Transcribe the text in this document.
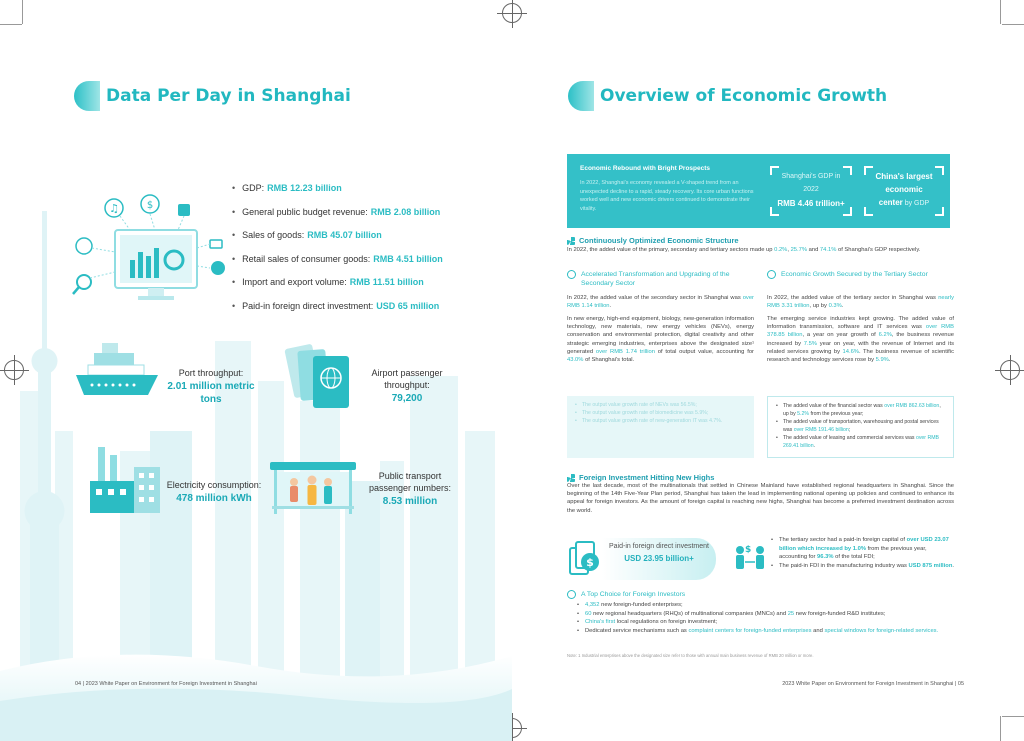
Data Per Day in Shanghai
♫	$
• GDP: RMB 12.23 billion
• General public budget revenue: RMB 2.08 billion
• Sales of goods: RMB 45.07 billion
• Retail sales of consumer goods: RMB 4.51 billion
• Import and export volume: RMB 11.51 billion
• Paid-in foreign direct investment: USD 65 million
Port throughput:
2.01 million metric tons
Airport passenger throughput:
79,200
Electricity consumption:
478 million kWh
Public transport passenger numbers:
8.53 million
04 | 2023 White Paper on Environment for Foreign Investment in Shanghai
Overview of Economic Growth
Economic Rebound with Bright Prospects
In 2022, Shanghai's economy revealed a V-shaped trend from an unexpected decline to a rapid, steady recovery. Its core urban functions worked well and new economic drivers continued to demonstrate their vitality.
Shanghai's GDP in
2022
RMB 4.46 trillion+
China's largest
economic
center by GDP
Continuously Optimized Economic Structure

In 2022, the added value of the primary, secondary and tertiary sectors made up 0.2%, 25.7% and 74.1% of Shanghai's GDP respectively.

Accelerated Transformation and Upgrading of the Secondary Sector

In 2022, the added value of the secondary sector in Shanghai was over RMB 1.14 trillion.

In new energy, high-end equipment, biology, new-generation information technology, new materials, new energy vehicles (NEVs), energy conservation and environmental protection, digital creativity and other strategic emerging industries, enterprises above the designated size¹ generated over RMB 1.74 trillion of total output value, accounting for 43.0% of Shanghai's total.

• The output value growth rate of NEVs was 56.5%;
• The output value growth rate of biomedicine was 5.9%;
• The output value growth rate of new-generation IT was 4.7%.
Economic Growth Secured by the Tertiary Sector

In 2022, the added value of the tertiary sector in Shanghai was nearly RMB 3.31 trillion, up by 0.3%.

The emerging service industries kept growing. The added value of information transmission, software and IT services was over RMB 378.85 billion, a year on year growth of 6.2%, the business revenue increased by 7.5% year on year, with the revenue of Internet and its related services growing by 14.6%. The business revenue of scientific research and technology services rose by 5.9%.

• The added value of the financial sector was over RMB 862.63 billion, up by 5.2% from the previous year;
• The added value of transportation, warehousing and postal services was over RMB 191.46 billion;
• The added value of leasing and commercial services was over RMB 269.41 billion.
Foreign Investment Hitting New Highs

Over the last decade, most of the multinationals that settled in Chinese Mainland have established regional headquarters in Shanghai. Since the beginning of the 14th Five-Year Plan period, Shanghai has taken the lead in implementing national opening up policies and continued to enhance its appeal for foreign investors. As the amount of foreign capital is reaching new highs, Shanghai has become a preferred investment destination across the world.

$
Paid-in foreign direct investment
USD 23.95 billion+
$
• The tertiary sector had a paid-in foreign capital of over USD 23.07 billion which increased by 1.0% from the previous year, accounting for 96.3% of the total FDI;
• The paid-in FDI in the manufacturing industry was USD 875 million.
A Top Choice for Foreign Investors
• 4,352 new foreign-funded enterprises;
• 60 new regional headquarters (RHQs) of multinational companies (MNCs) and 25 new foreign-funded R&D institutes;
• China's first local regulations on foreign investment;
• Dedicated service mechanisms such as complaint centers for foreign-funded enterprises and special windows for foreign-related services.
Note: 1 Industrial enterprises above the designated size refer to those with annual main business revenue of RMB 20 million or more.
2023 White Paper on Environment for Foreign Investment in Shanghai | 05
